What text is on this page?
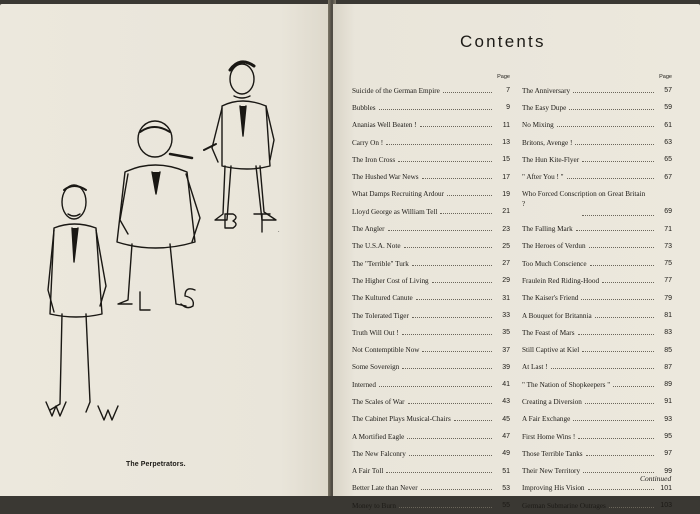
.
The Perpetrators.
Contents
Page
Suicide of the German Empire	7
Bubbles	9
Ananias Well Beaten !	11
Carry On !	13
The Iron Cross	15
The Hushed War News	17
What Damps Recruiting Ardour	19
Lloyd George as William Tell	21
The Angler	23
The U.S.A. Note	25
The "Terrible" Turk	27
The Higher Cost of Living	29
The Kultured Canute	31
The Tolerated Tiger	33
Truth Will Out !	35
Not Contemptible Now	37
Some Sovereign	39
Interned	41
The Scales of War	43
The Cabinet Plays Musical-Chairs	45
A Mortified Eagle	47
The New Falconry	49
A Fair Toll	51
Better Late than Never	53
Money to Burn	55
Page
The Anniversary	57
The Easy Dupe	59
No Mixing	61
Britons, Avenge !	63
The Hun Kite-Flyer	65
" After You ! "	67
Who Forced Conscription on Great Britain ?
69
The Falling Mark	71
The Heroes of Verdun	73
Too Much Conscience	75
Fraulein Red Riding-Hood	77
The Kaiser's Friend	79
A Bouquet for Britannia	81
The Feast of Mars	83
Still Captive at Kiel	85
At Last !	87
" The Nation of Shopkeepers "	89
Creating a Diversion	91
A Fair Exchange	93
First Home Wins !	95
Those Terrible Tanks	97
Their New Territory	99
Improving His Vision	101
German Submarine Outrages	103
Continued
